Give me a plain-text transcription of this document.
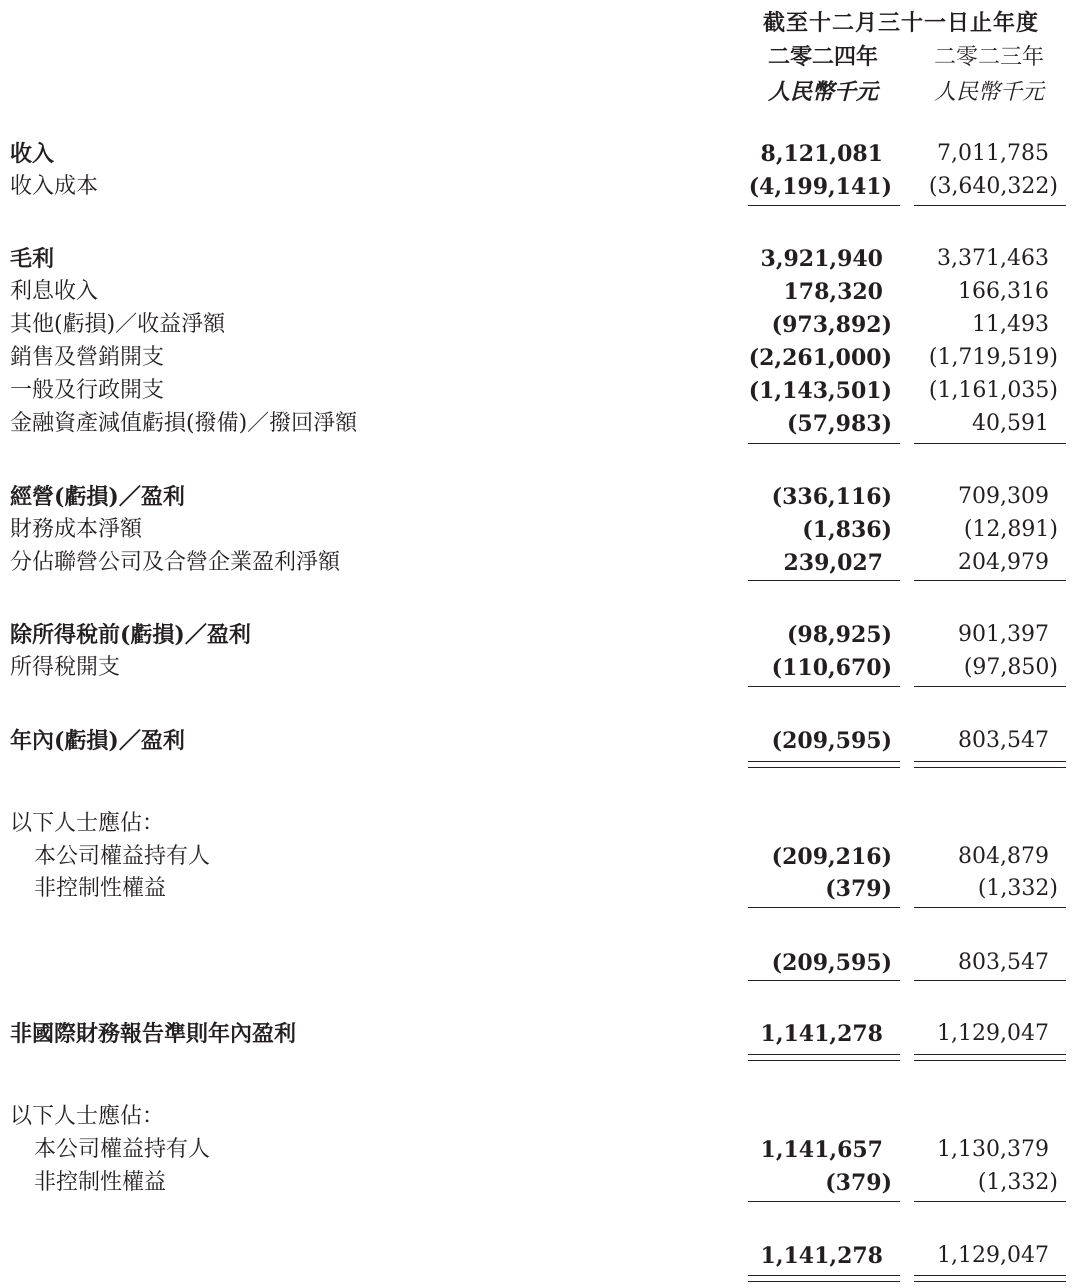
截至十二月三十一日止年度
二零二四年	二零二三年
人民幣千元	人民幣千元
收入	8,121,081 7,011,785
收入成本	(4,199,141) (3,640,322)
毛利	3,921,940 3,371,463
利息收入	178,320	166,316
其他(虧損)／收益淨額	(973,892)	11,493
銷售及營銷開支	(2,261,000) (1,719,519)
一般及行政開支	(1,143,501) (1,161,035)
金融資產減值虧損(撥備)／撥回淨額	(57,983)	40,591
經營(虧損)／盈利	(336,116)	709,309
財務成本淨額	(1,836)	(12,891)
分佔聯營公司及合營企業盈利淨額	239,027	204,979
除所得稅前(虧損)／盈利	(98,925)	901,397
所得稅開支	(110,670)	(97,850)
年內(虧損)／盈利	(209,595)	803,547
以下人士應佔：
本公司權益持有人	(209,216)	804,879
非控制性權益	(379)	(1,332)
(209,595)	803,547
非國際財務報告準則年內盈利	1,141,278 1,129,047
以下人士應佔：
本公司權益持有人	1,141,657 1,130,379
非控制性權益	(379)	(1,332)
1,141,278 1,129,047
